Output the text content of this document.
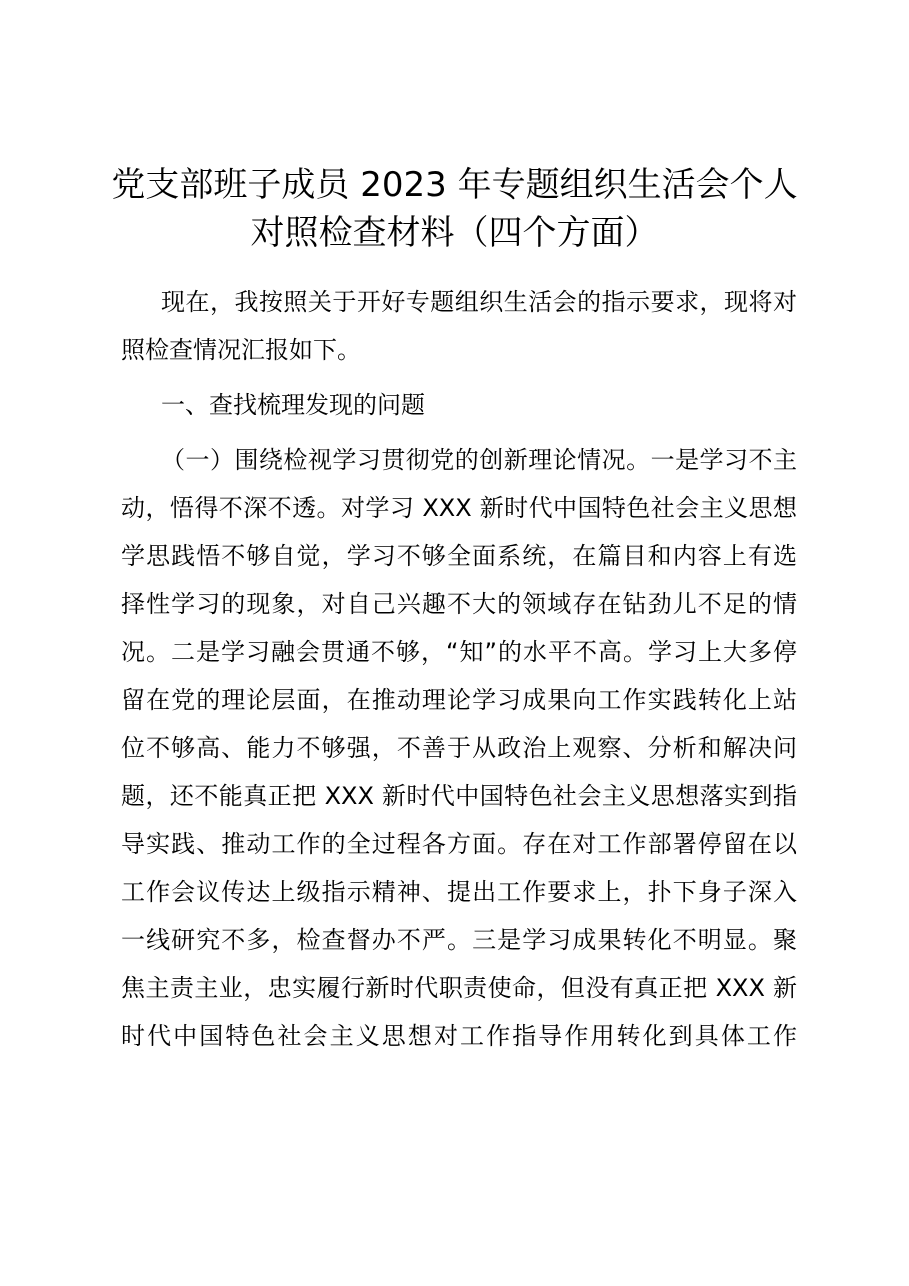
党支部班子成员 2023 年专题组织生活会个人
对照检查材料（四个方面）
现在，我按照关于开好专题组织生活会的指示要求，现将对
照检查情况汇报如下。
一、查找梳理发现的问题
（一）围绕检视学习贯彻党的创新理论情况。一是学习不主
动，悟得不深不透。对学习 XXX 新时代中国特色社会主义思想
学思践悟不够自觉，学习不够全面系统，在篇目和内容上有选
择性学习的现象，对自己兴趣不大的领域存在钻劲儿不足的情
况。二是学习融会贯通不够，“知”的水平不高。学习上大多停
留在党的理论层面，在推动理论学习成果向工作实践转化上站
位不够高、能力不够强，不善于从政治上观察、分析和解决问
题，还不能真正把 XXX 新时代中国特色社会主义思想落实到指
导实践、推动工作的全过程各方面。存在对工作部署停留在以
工作会议传达上级指示精神、提出工作要求上，扑下身子深入
一线研究不多，检查督办不严。三是学习成果转化不明显。聚
焦主责主业，忠实履行新时代职责使命，但没有真正把 XXX 新
时代中国特色社会主义思想对工作指导作用转化到具体工作
